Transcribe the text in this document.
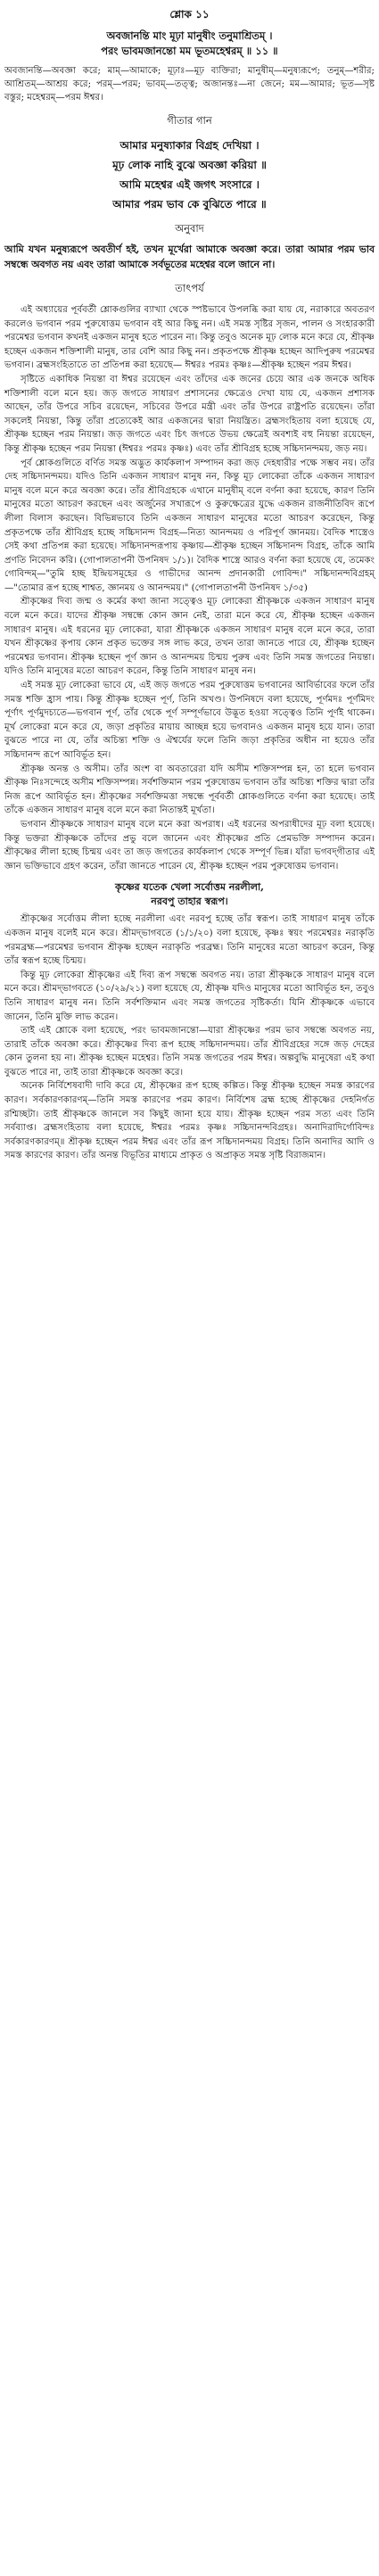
শ্লোক ১১
অবজানন্তি মাং মূঢ়া মানুষীং তনুমাশ্রিতম্‌ ।
পরং ভাবমজানন্তো মম ভূতমহেশ্বরম্‌ ॥ ১১ ॥
অবজানন্তি—অবজ্ঞা করে; মাম্‌—আমাকে; মূঢ়াঃ—মূঢ় ব্যক্তিরা; মানুষীম্‌—মনুষ্যরূপে; তনুম্‌—শরীর; আশ্রিতম্‌—আশ্রয় করে; পরম্‌—পরম; ভাবম্‌—তত্ত্ব; অজানন্তঃ—না জেনে; মম—আমার; ভূত—সৃষ্ট বস্তুর; মহেশ্বরম্‌—পরম ঈশ্বর।
গীতার গান
আমার মনুষ্যাকার বিগ্রহ দেখিয়া ।
মূঢ় লোক নাহি বুঝে অবজ্ঞা করিয়া ॥
আমি মহেশ্বর এই জগৎ সংসারে ।
আমার পরম ভাব কে বুঝিতে পারে ॥
অনুবাদ
আমি যখন মনুষ্যরূপে অবতীর্ণ হই, তখন মূর্খেরা আমাকে অবজ্ঞা করে। তারা আমার পরম ভাব সম্বন্ধে অবগত নয় এবং তারা আমাকে সর্বভূতের মহেশ্বর বলে জানে না।
তাৎপর্য

এই অধ্যায়ের পূর্ববর্তী শ্লোকগুলির ব্যাখ্যা থেকে স্পষ্টভাবে উপলব্ধি করা যায় যে, নরাকারে অবতরণ করলেও ভগবান পরম পুরুষোত্তম ভগবান বই আর কিছু নন। এই সমস্ত সৃষ্টির সৃজন, পালন ও সংহারকারী পরমেশ্বর ভগবান কখনই একজন মানুষ হতে পারেন না। কিন্তু তবুও অনেক মূঢ় লোক মনে করে যে, শ্রীকৃষ্ণ হচ্ছেন একজন শক্তিশালী মানুষ, তার বেশি আর কিছু নন। প্রকৃতপক্ষে শ্রীকৃষ্ণ হচ্ছেন আদিপুরুষ পরমেশ্বর ভগবান। ব্রহ্মসংহিতাতে তা প্রতিপন্ন করা হয়েছে— ঈশ্বরঃ পরমঃ কৃষ্ণঃ—শ্রীকৃষ্ণ হচ্ছেন পরম ঈশ্বর।

সৃষ্টিতে একাধিক নিয়ন্তা বা ঈশ্বর রয়েছেন এবং তাঁদের এক জনের চেয়ে আর এক জনকে অধিক শক্তিশালী বলে মনে হয়। জড় জগতে সাধারণ প্রশাসনের ক্ষেত্রেও দেখা যায় যে, একজন প্রশাসক আছেন, তাঁর উপরে সচিব রয়েছেন, সচিবের উপরে মন্ত্রী এবং তাঁর উপরে রাষ্ট্রপতি রয়েছেন। তাঁরা সকলেই নিয়ন্তা, কিন্তু তাঁরা প্রত্যেকেই আর একজনের দ্বারা নিয়ন্ত্রিত। ব্রহ্মসংহিতায় বলা হয়েছে যে, শ্রীকৃষ্ণ হচ্ছেন পরম নিয়ন্তা। জড় জগতে এবং চিৎ জগতে উভয় ক্ষেত্রেই অবশ্যই বহু নিয়ন্তা রয়েছেন, কিন্তু শ্রীকৃষ্ণ হচ্ছেন পরম নিয়ন্তা (ঈশ্বরঃ পরমঃ কৃষ্ণঃ) এবং তাঁর শ্রীবিগ্রহ হচ্ছে সচ্চিদানন্দময়, জড় নয়।

পূর্ব শ্লোকগুলিতে বর্ণিত সমস্ত অদ্ভুত কার্যকলাপ সম্পাদন করা জড় দেহধারীর পক্ষে সম্ভব নয়। তাঁর দেহ সচ্চিদানন্দময়। যদিও তিনি একজন সাধারণ মানুষ নন, কিন্তু মূঢ় লোকেরা তাঁকে একজন সাধারণ মানুষ বলে মনে করে অবজ্ঞা করে। তাঁর শ্রীবিগ্রহকে এখানে মানুষীম্‌ বলে বর্ণনা করা হয়েছে, কারণ তিনি মানুষের মতো আচরণ করছেন এবং অর্জুনের সখারূপে ও কুরুক্ষেত্রের যুদ্ধে একজন রাজনীতিবিদ রূপে লীলা বিলাস করছেন। বিভিন্নভাবে তিনি একজন সাধারণ মানুষের মতো আচরণ করেছেন, কিন্তু প্রকৃতপক্ষে তাঁর শ্রীবিগ্রহ হচ্ছে সচ্চিদানন্দ বিগ্রহ—নিত্য আনন্দময় ও পরিপূর্ণ জ্ঞানময়। বৈদিক শাস্ত্রেও সেই কথা প্রতিপন্ন করা হয়েছে। সচ্চিদানন্দরূপায় কৃষ্ণায়—শ্রীকৃষ্ণ হচ্ছেন সচ্চিদানন্দ বিগ্রহ, তাঁকে আমি প্রণতি নিবেদন করি। (গোপালতাপনী উপনিষদ ১/১)। বৈদিক শাস্ত্রে আরও বর্ণনা করা হয়েছে যে, তমেকং গোবিন্দম্‌—"তুমি হচ্ছ ইন্দ্রিয়সমূহের ও গাভীদের আনন্দ প্রদানকারী গোবিন্দ।" সচ্চিদানন্দবিগ্রহম্‌—"তোমার রূপ হচ্ছে শাশ্বত, জ্ঞানময় ও আনন্দময়।" (গোপালতাপনী উপনিষদ ১/৩৫)

শ্রীকৃষ্ণের দিব্য জন্ম ও কর্মের কথা জানা সত্ত্বেও মূঢ় লোকেরা শ্রীকৃষ্ণকে একজন সাধারণ মানুষ বলে মনে করে। যাদের শ্রীকৃষ্ণ সম্বন্ধে কোন জ্ঞান নেই, তারা মনে করে যে, শ্রীকৃষ্ণ হচ্ছেন একজন সাধারণ মানুষ। এই ধরনের মূঢ় লোকেরা, যারা শ্রীকৃষ্ণকে একজন সাধারণ মানুষ বলে মনে করে, তারা যখন শ্রীকৃষ্ণের কৃপায় কোন প্রকৃত ভক্তের সঙ্গ লাভ করে, তখন তারা জানতে পারে যে, শ্রীকৃষ্ণ হচ্ছেন পরমেশ্বর ভগবান। শ্রীকৃষ্ণ হচ্ছেন পূর্ণ জ্ঞান ও আনন্দময় চিন্ময় পুরুষ এবং তিনি সমস্ত জগতের নিয়ন্তা। যদিও তিনি মানুষের মতো আচরণ করেন, কিন্তু তিনি সাধারণ মানুষ নন।

এই সমস্ত মূঢ় লোকেরা ভাবে যে, এই জড় জগতে পরম পুরুষোত্তম ভগবানের আবির্ভাবের ফলে তাঁর সমস্ত শক্তি হ্রাস পায়। কিন্তু শ্রীকৃষ্ণ হচ্ছেন পূর্ণ, তিনি অখণ্ড। উপনিষদে বলা হয়েছে, পূর্ণমদঃ পূর্ণমিদং পূর্ণাৎ পূর্ণমুদচ্যতে—ভগবান পূর্ণ, তাঁর থেকে পূর্ণ সম্পূর্ণভাবে উদ্ভূত হওয়া সত্ত্বেও তিনি পূর্ণই থাকেন। মূর্খ লোকেরা মনে করে যে, জড়া প্রকৃতির মায়ায় আচ্ছন্ন হয়ে ভগবানও একজন মানুষ হয়ে যান। তারা বুঝতে পারে না যে, তাঁর অচিন্ত্য শক্তি ও ঐশ্বর্যের ফলে তিনি জড়া প্রকৃতির অধীন না হয়েও তাঁর সচ্চিদানন্দ রূপে আবির্ভূত হন।

শ্রীকৃষ্ণ অনন্ত ও অসীম। তাঁর অংশ বা অবতারেরা যদি অসীম শক্তিসম্পন্ন হন, তা হলে ভগবান শ্রীকৃষ্ণ নিঃসন্দেহে অসীম শক্তিসম্পন্ন। সর্বশক্তিমান পরম পুরুষোত্তম ভগবান তাঁর অচিন্ত্য শক্তির দ্বারা তাঁর নিজ রূপে আবির্ভূত হন। শ্রীকৃষ্ণের সর্বশক্তিমত্তা সম্বন্ধে পূর্ববর্তী শ্লোকগুলিতে বর্ণনা করা হয়েছে। তাই তাঁকে একজন সাধারণ মানুষ বলে মনে করা নিতান্তই মূর্খতা।

ভগবান শ্রীকৃষ্ণকে সাধারণ মানুষ বলে মনে করা অপরাধ। এই ধরনের অপরাধীদের মূঢ় বলা হয়েছে। কিন্তু ভক্তরা শ্রীকৃষ্ণকে তাঁদের প্রভু বলে জানেন এবং শ্রীকৃষ্ণের প্রতি প্রেমভক্তি সম্পাদন করেন। শ্রীকৃষ্ণের লীলা হচ্ছে চিন্ময় এবং তা জড় জগতের কার্যকলাপ থেকে সম্পূর্ণ ভিন্ন। যাঁরা ভগবদ্‌গীতার এই জ্ঞান ভক্তিভাবে গ্রহণ করেন, তাঁরা জানতে পারেন যে, শ্রীকৃষ্ণ হচ্ছেন পরম পুরুষোত্তম ভগবান।

কৃষ্ণের যতেক খেলা সর্বোত্তম নরলীলা,
নরবপু তাহার স্বরূপ।

শ্রীকৃষ্ণের সর্বোত্তম লীলা হচ্ছে নরলীলা এবং নরবপু হচ্ছে তাঁর স্বরূপ। তাই সাধারণ মানুষ তাঁকে একজন মানুষ বলেই মনে করে। শ্রীমদ্‌ভাগবতে (১/১/২০) বলা হয়েছে, কৃষ্ণঃ স্বয়ং পরমেশ্বরঃ নরাকৃতি পরমব্রহ্ম—পরমেশ্বর ভগবান শ্রীকৃষ্ণ হচ্ছেন নরাকৃতি পরব্রহ্ম। তিনি মানুষের মতো আচরণ করেন, কিন্তু তাঁর স্বরূপ হচ্ছে চিন্ময়।

কিন্তু মূঢ় লোকেরা শ্রীকৃষ্ণের এই দিব্য রূপ সম্বন্ধে অবগত নয়। তারা শ্রীকৃষ্ণকে সাধারণ মানুষ বলে মনে করে। শ্রীমদ্‌ভাগবতে (১০/২৯/২১) বলা হয়েছে যে, শ্রীকৃষ্ণ যদিও মানুষের মতো আবির্ভূত হন, তবুও তিনি সাধারণ মানুষ নন। তিনি সর্বশক্তিমান এবং সমস্ত জগতের সৃষ্টিকর্তা। যিনি শ্রীকৃষ্ণকে এভাবে জানেন, তিনি মুক্তি লাভ করেন।

তাই এই শ্লোকে বলা হয়েছে, পরং ভাবমজানন্তো—যারা শ্রীকৃষ্ণের পরম ভাব সম্বন্ধে অবগত নয়, তারাই তাঁকে অবজ্ঞা করে। শ্রীকৃষ্ণের দিব্য রূপ হচ্ছে সচ্চিদানন্দময়। তাঁর শ্রীবিগ্রহের সঙ্গে জড় দেহের কোন তুলনা হয় না। শ্রীকৃষ্ণ হচ্ছেন মহেশ্বর। তিনি সমস্ত জগতের পরম ঈশ্বর। অল্পবুদ্ধি মানুষেরা এই কথা বুঝতে পারে না, তাই তারা শ্রীকৃষ্ণকে অবজ্ঞা করে।

অনেক নির্বিশেষবাদী দাবি করে যে, শ্রীকৃষ্ণের রূপ হচ্ছে কল্পিত। কিন্তু শ্রীকৃষ্ণ হচ্ছেন সমস্ত কারণের কারণ। সর্বকারণকারণম্‌—তিনি সমস্ত কারণের পরম কারণ। নির্বিশেষ ব্রহ্ম হচ্ছে শ্রীকৃষ্ণের দেহনির্গত রশ্মিচ্ছটা। তাই শ্রীকৃষ্ণকে জানলে সব কিছুই জানা হয়ে যায়। শ্রীকৃষ্ণ হচ্ছেন পরম সত্য এবং তিনি সর্বব্যাপ্ত। ব্রহ্মসংহিতায় বলা হয়েছে, ঈশ্বরঃ পরমঃ কৃষ্ণঃ সচ্চিদানন্দবিগ্রহঃ। অনাদিরাদির্গোবিন্দঃ সর্বকারণকারণম্‌॥ শ্রীকৃষ্ণ হচ্ছেন পরম ঈশ্বর এবং তাঁর রূপ সচ্চিদানন্দময় বিগ্রহ। তিনি অনাদির আদি ও সমস্ত কারণের কারণ। তাঁর অনন্ত বিভূতির মাধ্যমে প্রাকৃত ও অপ্রাকৃত সমস্ত সৃষ্টি বিরাজমান।
